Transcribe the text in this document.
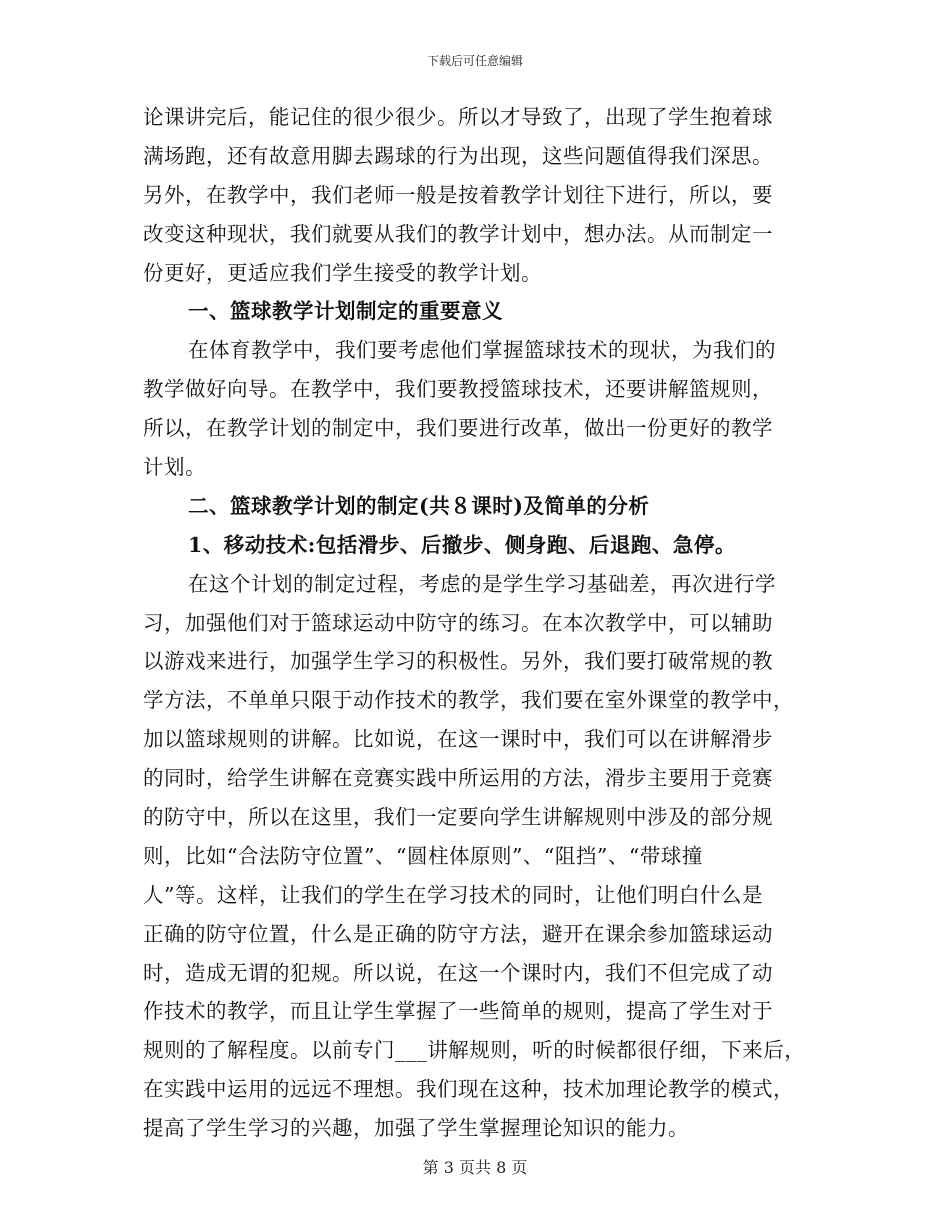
下载后可任意编辑
论课讲完后，能记住的很少很少。所以才导致了，出现了学生抱着球
满场跑，还有故意用脚去踢球的行为出现，这些问题值得我们深思。
另外，在教学中，我们老师一般是按着教学计划往下进行，所以，要
改变这种现状，我们就要从我们的教学计划中，想办法。从而制定一
份更好，更适应我们学生接受的教学计划。
一、篮球教学计划制定的重要意义
在体育教学中，我们要考虑他们掌握篮球技术的现状，为我们的
教学做好向导。在教学中，我们要教授篮球技术，还要讲解篮规则，
所以，在教学计划的制定中，我们要进行改革，做出一份更好的教学
计划。
二、篮球教学计划的制定(共８课时)及简单的分析
1、移动技术:包括滑步、后撤步、侧身跑、后退跑、急停。
在这个计划的制定过程，考虑的是学生学习基础差，再次进行学
习，加强他们对于篮球运动中防守的练习。在本次教学中，可以辅助
以游戏来进行，加强学生学习的积极性。另外，我们要打破常规的教
学方法，不单单只限于动作技术的教学，我们要在室外课堂的教学中，
加以篮球规则的讲解。比如说，在这一课时中，我们可以在讲解滑步
的同时，给学生讲解在竞赛实践中所运用的方法，滑步主要用于竞赛
的防守中，所以在这里，我们一定要向学生讲解规则中涉及的部分规
则，比如“合法防守位置”、“圆柱体原则”、“阻挡”、“带球撞
人”等。这样，让我们的学生在学习技术的同时，让他们明白什么是
正确的防守位置，什么是正确的防守方法，避开在课余参加篮球运动
时，造成无谓的犯规。所以说，在这一个课时内，我们不但完成了动
作技术的教学，而且让学生掌握了一些简单的规则，提高了学生对于
规则的了解程度。以前专门___讲解规则，听的时候都很仔细，下来后，
在实践中运用的远远不理想。我们现在这种，技术加理论教学的模式，
提高了学生学习的兴趣，加强了学生掌握理论知识的能力。
第 3 页共 8 页
